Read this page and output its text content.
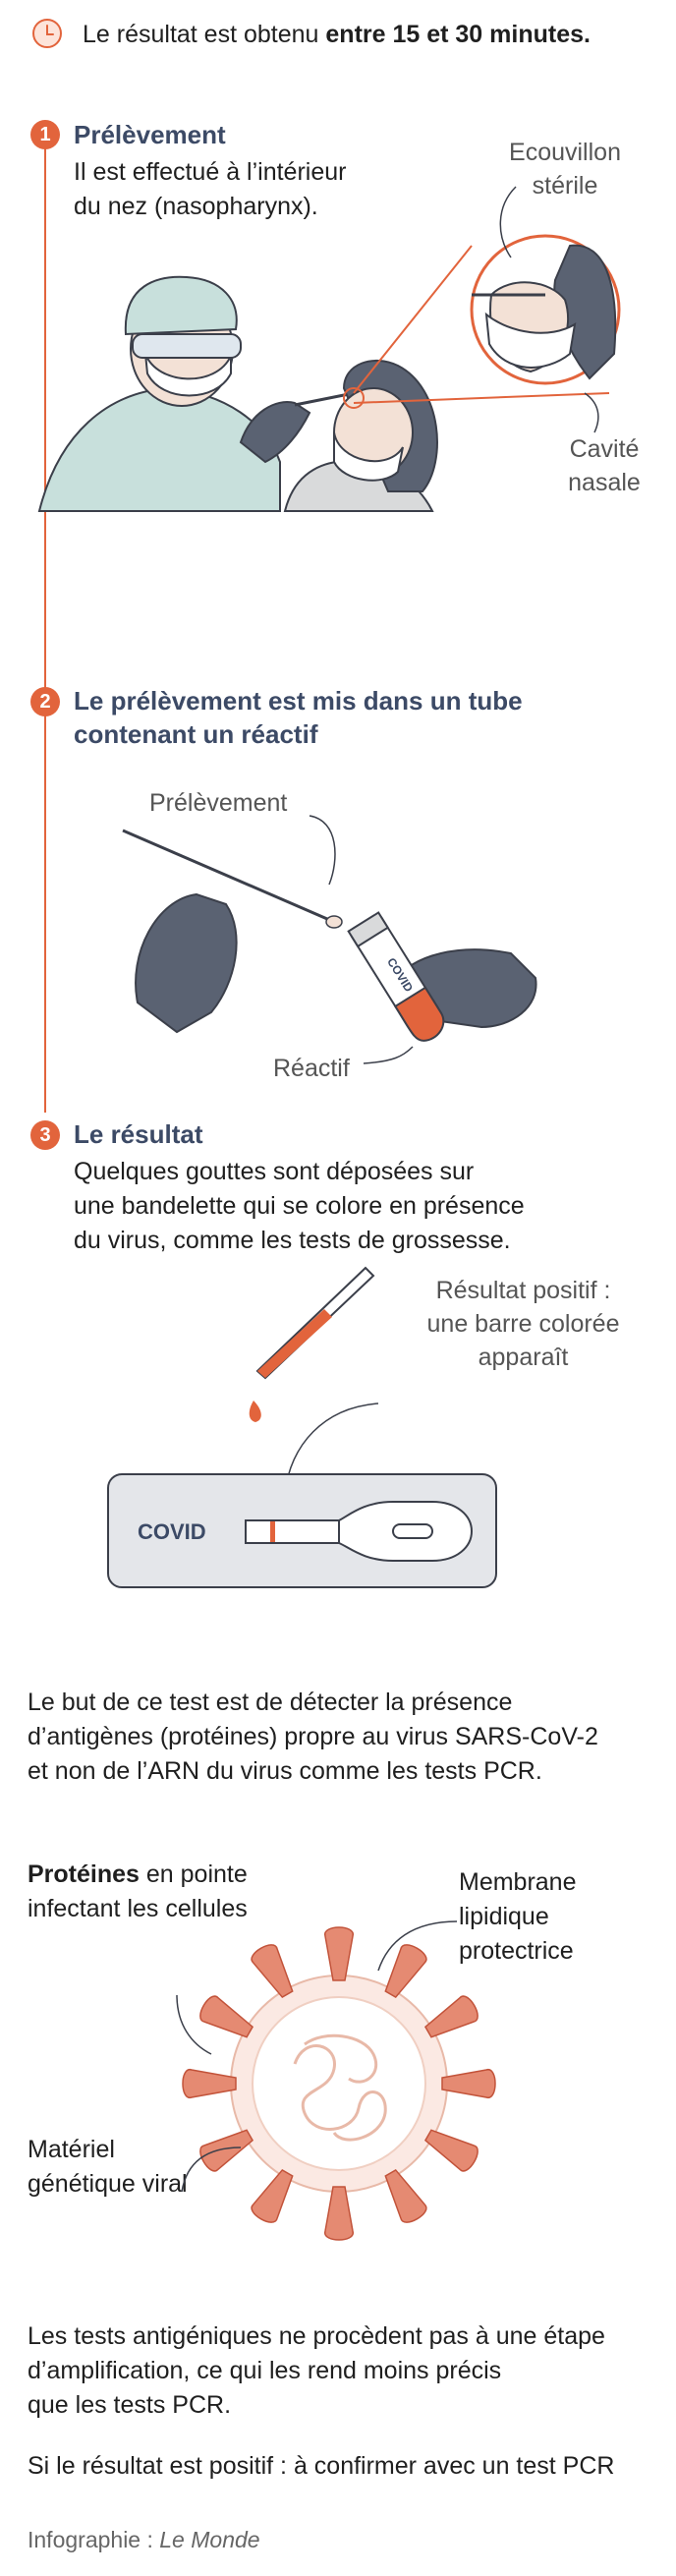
Le résultat est obtenu entre 15 et 30 minutes.
1 Prélèvement
Il est effectué à l’intérieur
du nez (nasopharynx).
Ecouvillon
stérile
Cavité
nasale
2 Le prélèvement est mis dans un tube
contenant un réactif
Prélèvement
Réactif
COVID
3 Le résultat
Quelques gouttes sont déposées sur
une bandelette qui se colore en présence
du virus, comme les tests de grossesse.
Résultat positif :
une barre colorée
apparaît
COVID
Le but de ce test est de détecter la présence
d’antigènes (protéines) propre au virus SARS-CoV-2
et non de l’ARN du virus comme les tests PCR.
Protéines en pointe
infectant les cellules
Membrane
lipidique
protectrice
Matériel
génétique viral
Les tests antigéniques ne procèdent pas à une étape
d’amplification, ce qui les rend moins précis
que les tests PCR.
Si le résultat est positif : à confirmer avec un test PCR
Infographie : Le Monde
